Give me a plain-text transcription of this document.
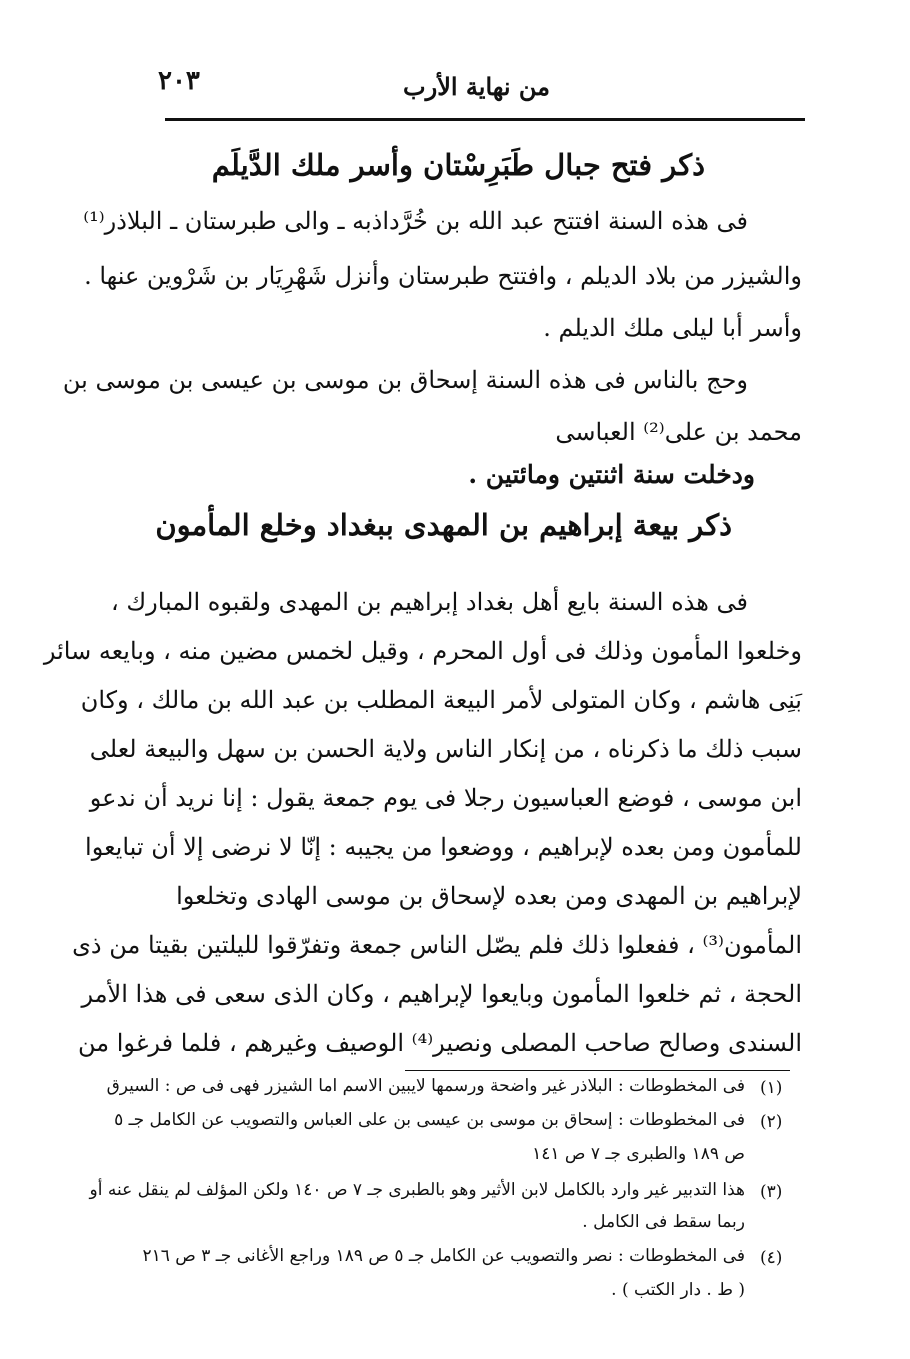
من نهاية الأرب
٢٠٣
ذكر فتح جبال طَبَرِسْتان وأسر ملك الدَّيلَم
فى هذه السنة افتتح عبد الله بن خُرَّداذبه ـ والى طبرستان ـ البلاذر⁽¹⁾
والشيزر من بلاد الديلم ، وافتتح طبرستان وأنزل شَهْرِيَار بن شَرْوين عنها .
وأسر أبا ليلى ملك الديلم .
وحج بالناس فى هذه السنة إسحاق بن موسى بن عيسى بن موسى بن
محمد بن على⁽²⁾ العباسى
ودخلت سنة اثنتين ومائتين .
ذكر بيعة إبراهيم بن المهدى ببغداد وخلع المأمون
فى هذه السنة بايع أهل بغداد إبراهيم بن المهدى ولقبوه المبارك ،
وخلعوا المأمون وذلك فى أول المحرم ، وقيل لخمس مضين منه ، وبايعه سائر
بَنِى هاشم ، وكان المتولى لأمر البيعة المطلب بن عبد الله بن مالك ، وكان
سبب ذلك ما ذكرناه ، من إنكار الناس ولاية الحسن بن سهل والبيعة لعلى
ابن موسى ، فوضع العباسيون رجلا فى يوم جمعة يقول : إنا نريد أن ندعو
للمأمون ومن بعده لإبراهيم ، ووضعوا من يجيبه : إنّا لا نرضى إلا أن تبايعوا
لإبراهيم بن المهدى ومن بعده لإسحاق بن موسى الهادى وتخلعوا
المأمون⁽³⁾ ، ففعلوا ذلك فلم يصّل الناس جمعة وتفرّقوا لليلتين بقيتا من ذى
الحجة ، ثم خلعوا المأمون وبايعوا لإبراهيم ، وكان الذى سعى فى هذا الأمر
السندى وصالح صاحب المصلى ونصير⁽⁴⁾ الوصيف وغيرهم ، فلما فرغوا من
(١)
فى المخطوطات : البلاذر غير واضحة ورسمها لايبين الاسم اما الشيزر فهى فى ص : السيرق
(٢)
فى المخطوطات : إسحاق بن موسى بن عيسى بن على العباس والتصويب عن الكامل جـ ٥
ص ١٨٩ والطبرى جـ ٧ ص ١٤١
(٣)
هذا التدبير غير وارد بالكامل لابن الأثير وهو بالطبرى جـ ٧ ص ١٤٠ ولكن المؤلف لم ينقل عنه أو
ربما سقط فى الكامل .
(٤)
فى المخطوطات : نصر والتصويب عن الكامل جـ ٥ ص ١٨٩ وراجع الأغانى جـ ٣ ص ٢١٦
( ط . دار الكتب ) .
